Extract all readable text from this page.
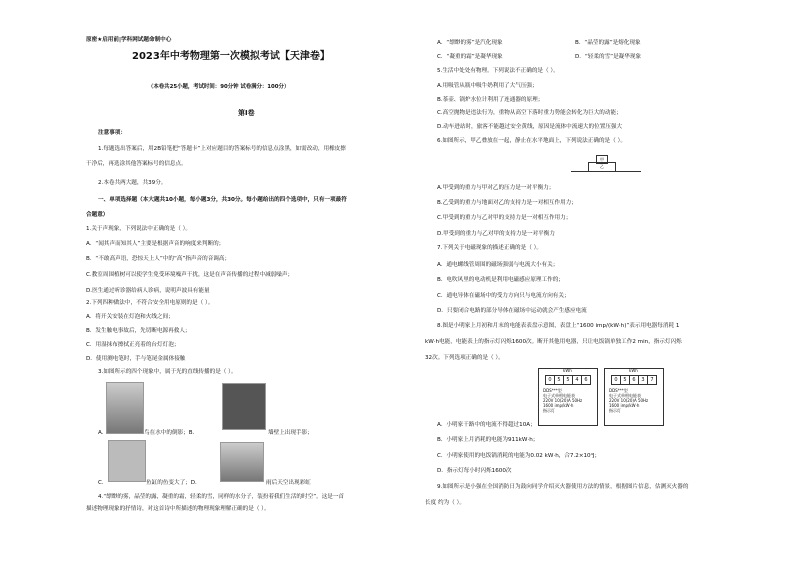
原密★启用前|学科网试题命制中心
2023年中考物理第一次模拟考试【天津卷】
（本卷共25小题，考试时间：90分钟 试卷满分：100分）
第Ⅰ卷
注意事项：
1.每题选出答案后，用2B铅笔把“答题卡”上对应题目的答案标号的信息点涂黑，如需改动，用橡皮擦
干净后，再选涂其他答案标号的信息点。
2.本卷共两大题，共39分。
一、单项选择题（本大题共10小题，每小题3分，共30分。每小题给出的四个选项中，只有一项最符
合题意）
1.关于声现象，下列说法中正确的是（ ）。
A．“闻其声而知其人”主要是根据声音的响度来判断的；
B．“不敢高声语，恐惊天上人”中的“高”指声音的音调高；
C.教室周围植树可以使学生免受环境噪声干扰，这是在声音传播的过程中减弱噪声；
D.医生通过听诊器给病人诊病，说明声波具有能量
2.下列四种做法中，不符合安全用电原则的是（ ）。
A．将开关安装在灯泡和火线之间；
B．发生触电事故后，先切断电源再救人；
C．用湿抹布擦拭正亮着的台灯灯泡；
D．使用测电笔时，手与笔尾金属体接触
3.如图所示的四个现象中，属于光的直线传播的是（ ）。
A.	鸟在水中的倒影；B.	墙壁上出现手影；
C.	鱼缸的鱼变大了；D.	雨后天空出现彩虹
4.“缥缈的雾，晶莹的露，凝重的霜，轻柔的雪，同样的水分子，装扮着我们生活的时空”。这是一首
描述物理现象的抒情诗，对这首诗中所描述的物理现象理解正确的是（ ）。
A．“缥缈的雾”是汽化现象	B．“晶莹的露”是熔化现象
C．“凝重的霜”是凝华现象	D．“轻柔的雪”是凝华现象
5.生活中处处有物理。下列说法不正确的是（ ）。
A.用吸管从瓶中吸牛奶利用了大气压强；
B.茶壶、锅炉水位计利用了连通器的原理；
C.高空抛物是违法行为，重物从高空下落时重力势能会转化为巨大的动能；
D.动车进站时，旅客不能越过安全黄线，原因是流体中流速大的位置压强大
6.如图所示，甲乙叠放在一起，静止在水平地面上，下列说法正确的是（ ）。
A.甲受到的重力与甲对乙的压力是一对平衡力；
B.乙受到的重力与地面对乙的支持力是一对相互作用力；
C.甲受到的重力与乙对甲的支持力是一对相互作用力；
D.甲受到的重力与乙对甲的支持力是一对平衡力
7.下列关于电磁现象的描述正确的是（ ）。
A．通电螺线管周围的磁场强弱与电流大小有关；
B．电吹风里的电动机是利用电磁感应原理工作的；
C．通电导体在磁场中的受力方向只与电流方向有关；
D．只要闭合电路的部分导体在磁场中运动就会产生感应电流
8.图是小明家上月初和月末的电能表表盘示意图，表盘上“1600 imp/(kW·h)”表示用电器每消耗 1
kW·h电能，电能表上的指示灯闪烁1600次。断开其他用电器，只让电饭锅单独工作2 min，指示灯闪烁
32次。下列选项正确的是（ ）。
A．小明家干路中的电流不得超过10A；
B．小明家上月消耗的电能为911kW·h；
C．小明家使用的电饭锅消耗的电能为0.02 kW·h，合7.2×10⁴J；
D．指示灯每小时闪烁1600次
9.如图所示是小强在全国消防日为鼓向同学介绍灭火器使用方法的情景，根据图片信息，估测灭火器的
长度 约为（ ）。
甲
乙
kWh
0	5	5	4	6
DDS***型
电子式单相电能表
220V 10(20)A 50Hz
1600 imp/kW·h
指示灯
kWh
0	5	6	3	7
DDS***型
电子式单相电能表
220V 10(20)A 50Hz
1600 imp/kW·h
指示灯
